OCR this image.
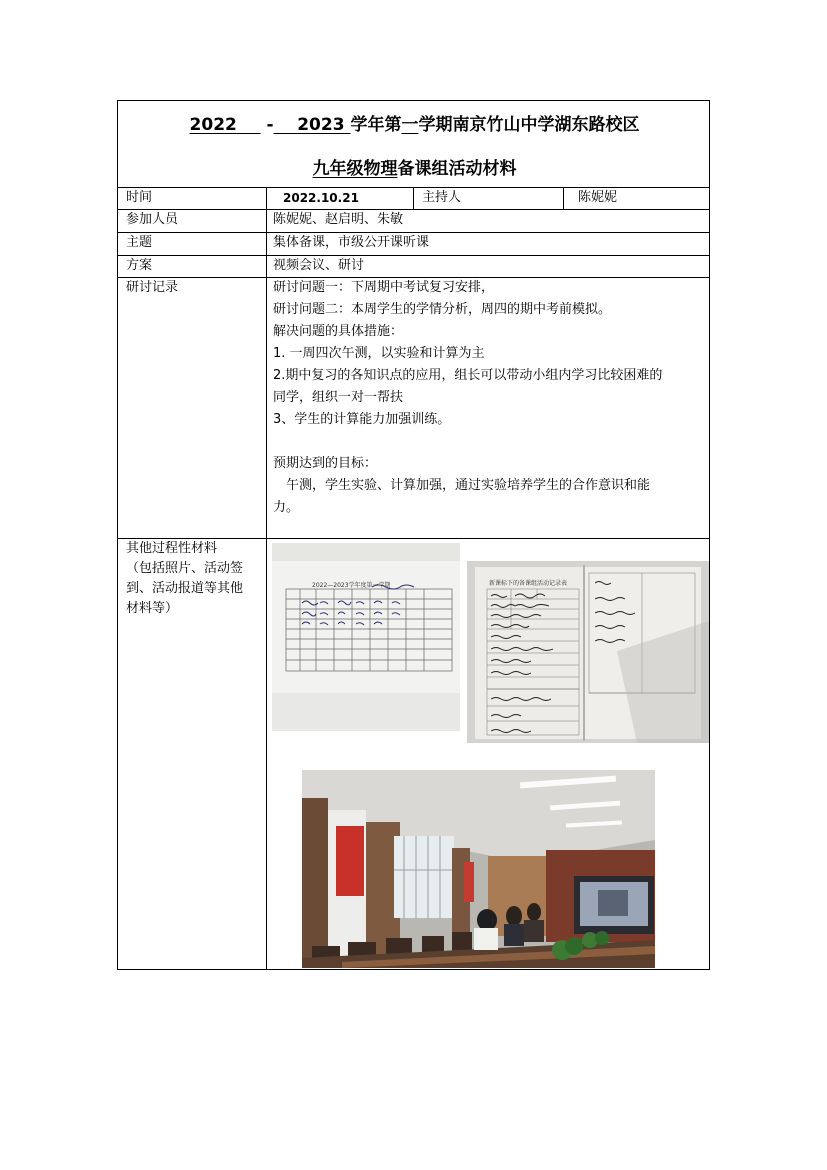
2022 - 2023 学年第一学期南京竹山中学湖东路校区
九年级物理备课组活动材料
时间	2022.10.21	主持人	陈妮妮
参加人员	陈妮妮、赵启明、朱敏
主题	集体备课，市级公开课听课
方案	视频会议、研讨
研讨记录	研讨问题一：下周期中考试复习安排，
研讨问题二：本周学生的学情分析，周四的期中考前模拟。
解决问题的具体措施：
1. 一周四次午测，以实验和计算为主
2.期中复习的各知识点的应用，组长可以带动小组内学习比较困难的
同学，组织一对一帮扶
3、学生的计算能力加强训练。
预期达到的目标：
　午测，学生实验、计算加强，通过实验培养学生的合作意识和能
力。
其他过程性材料
（包括照片、活动签
到、活动报道等其他
材料等）
2022—2023学年度第一学期	新课标下的备课组活动记录表
